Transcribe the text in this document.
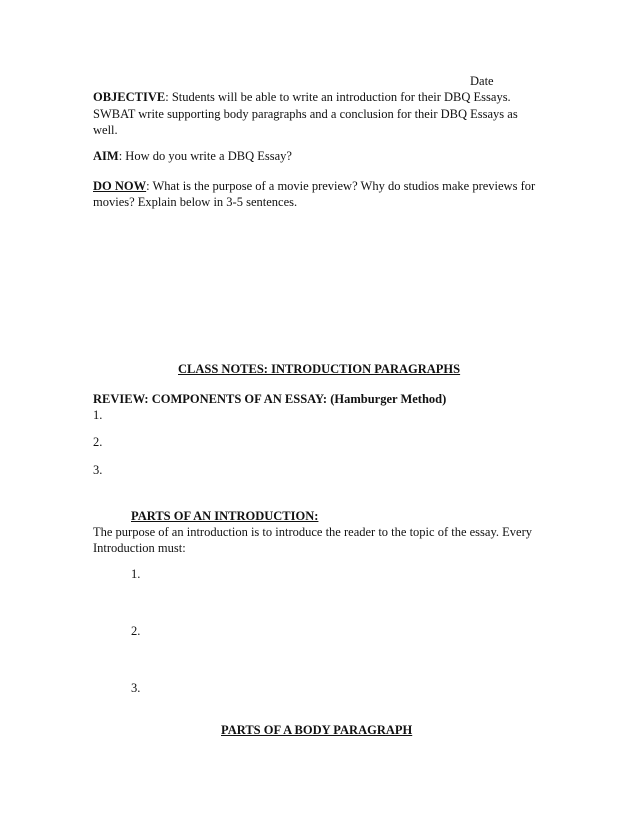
Date
OBJECTIVE: Students will be able to write an introduction for their DBQ Essays.
SWBAT write supporting body paragraphs and a conclusion for their DBQ Essays as
well.
AIM: How do you write a DBQ Essay?
DO NOW: What is the purpose of a movie preview? Why do studios make previews for
movies? Explain below in 3-5 sentences.
CLASS NOTES: INTRODUCTION PARAGRAPHS
REVIEW: COMPONENTS OF AN ESSAY: (Hamburger Method)
1.
2.
3.
PARTS OF AN INTRODUCTION:
The purpose of an introduction is to introduce the reader to the topic of the essay. Every
Introduction must:
1.
2.
3.
PARTS OF A BODY PARAGRAPH
